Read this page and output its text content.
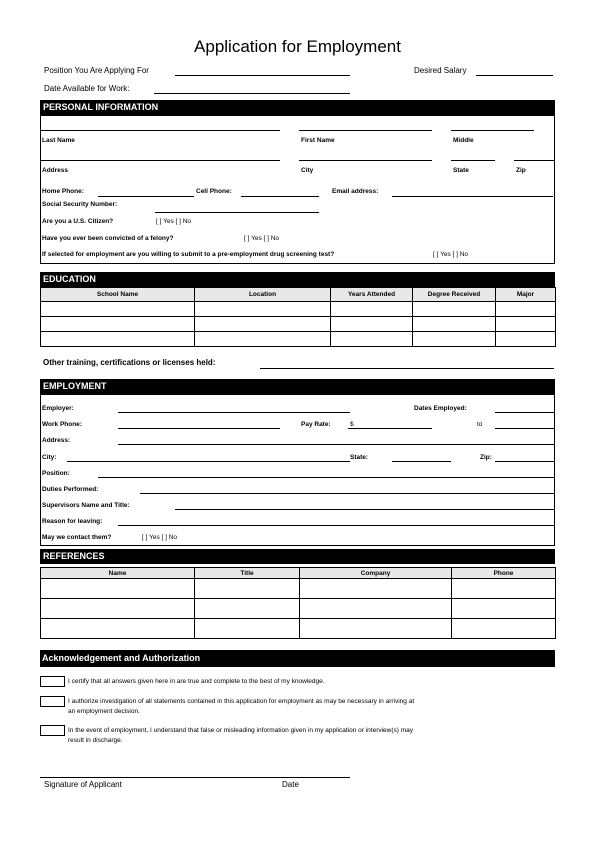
Application for Employment
Position You Are Applying For	Desired Salary
Date Available for Work:
PERSONAL INFORMATION
Last Name	First Name	Middle
Address	City	State	Zip
Home Phone:	Cell Phone:	Email address:
Social Security Number:
Are you a U.S. Citizen?	[ ] Yes [ ] No
Have you ever been convicted of a felony?	[ ] Yes [ ] No
If selected for employment are you willing to submit to a pre-employment drug screening test?	[ ] Yes [ ] No
EDUCATION
School Name	Location	Years Attended	Degree Received	Major

Other training, certifications or licenses held:
EMPLOYMENT
Employer:	Dates Employed:
Work Phone:	Pay Rate:	$	to
Address:
City:	State:	Zip:
Position:
Duties Performed:
Supervisors Name and Title:
Reason for leaving:
May we contact them?	[ ] Yes [ ] No
REFERENCES
Name	Title	Company	Phone

Acknowledgement and Authorization
I certify that all answers given here in are true and complete to the best of my knowledge.
I authorize investigation of all statements contained in this application for employment as may be necessary in arriving at
an employment decision.
In the event of employment, I understand that false or misleading information given in my application or interview(s) may
result in discharge.
Signature of Applicant	Date
